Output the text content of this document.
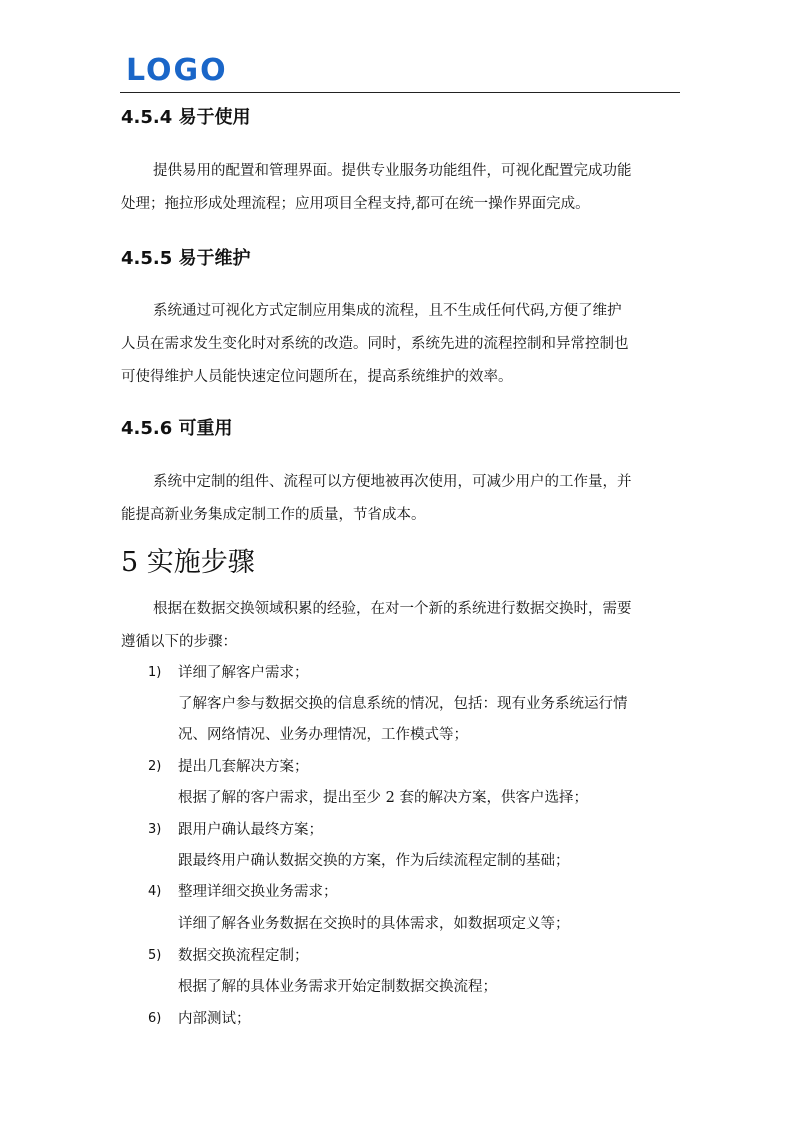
LOGO
4.5.4 易于使用
提供易用的配置和管理界面。提供专业服务功能组件，可视化配置完成功能
处理；拖拉形成处理流程；应用项目全程支持,都可在统一操作界面完成。
4.5.5 易于维护
系统通过可视化方式定制应用集成的流程，且不生成任何代码,方便了维护
人员在需求发生变化时对系统的改造。同时，系统先进的流程控制和异常控制也
可使得维护人员能快速定位问题所在，提高系统维护的效率。
4.5.6 可重用
系统中定制的组件、流程可以方便地被再次使用，可减少用户的工作量，并
能提高新业务集成定制工作的质量，节省成本。
5 实施步骤
根据在数据交换领域积累的经验，在对一个新的系统进行数据交换时，需要
遵循以下的步骤：
1) 详细了解客户需求；
了解客户参与数据交换的信息系统的情况，包括：现有业务系统运行情
况、网络情况、业务办理情况，工作模式等；
2) 提出几套解决方案；
根据了解的客户需求，提出至少 2 套的解决方案，供客户选择；
3) 跟用户确认最终方案；
跟最终用户确认数据交换的方案，作为后续流程定制的基础；
4) 整理详细交换业务需求；
详细了解各业务数据在交换时的具体需求，如数据项定义等；
5) 数据交换流程定制；
根据了解的具体业务需求开始定制数据交换流程；
6) 内部测试；
